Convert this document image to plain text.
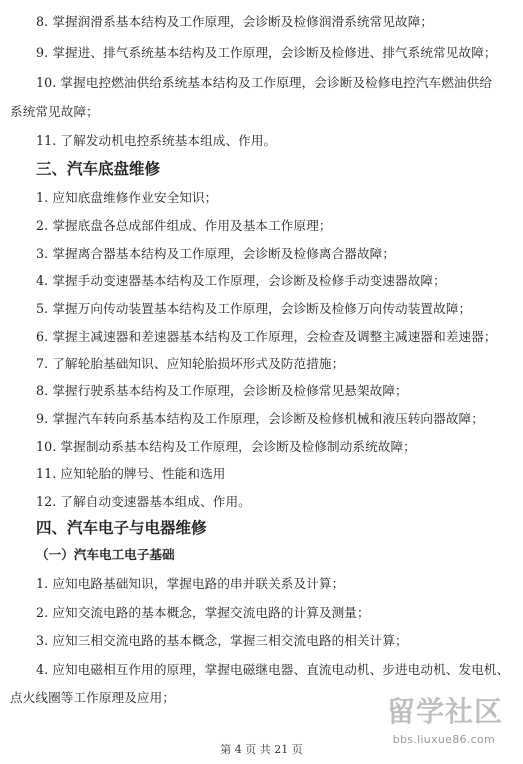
8. 掌握润滑系基本结构及工作原理，会诊断及检修润滑系统常见故障；
9. 掌握进、排气系统基本结构及工作原理，会诊断及检修进、排气系统常见故障；
10. 掌握电控燃油供给系统基本结构及工作原理，会诊断及检修电控汽车燃油供给
系统常见故障；
11. 了解发动机电控系统基本组成、作用。
三、汽车底盘维修
1. 应知底盘维修作业安全知识；
2. 掌握底盘各总成部件组成、作用及基本工作原理；
3. 掌握离合器基本结构及工作原理，会诊断及检修离合器故障；
4. 掌握手动变速器基本结构及工作原理，会诊断及检修手动变速器故障；
5. 掌握万向传动装置基本结构及工作原理，会诊断及检修万向传动装置故障；
6. 掌握主减速器和差速器基本结构及工作原理，会检查及调整主减速器和差速器；
7. 了解轮胎基础知识、应知轮胎损坏形式及防范措施；
8. 掌握行驶系基本结构及工作原理，会诊断及检修常见悬架故障；
9. 掌握汽车转向系基本结构及工作原理，会诊断及检修机械和液压转向器故障；
10. 掌握制动系基本结构及工作原理，会诊断及检修制动系统故障；
11. 应知轮胎的牌号、性能和选用
12. 了解自动变速器基本组成、作用。
四、汽车电子与电器维修
（一）汽车电工电子基础
1. 应知电路基础知识，掌握电路的串并联关系及计算；
2. 应知交流电路的基本概念，掌握交流电路的计算及测量；
3. 应知三相交流电路的基本概念，掌握三相交流电路的相关计算；
4. 应知电磁相互作用的原理，掌握电磁继电器、直流电动机、步进电动机、发电机、
点火线圈等工作原理及应用；
第 4 页 共 21 页
留学社区
bbs.liuxue86.com
